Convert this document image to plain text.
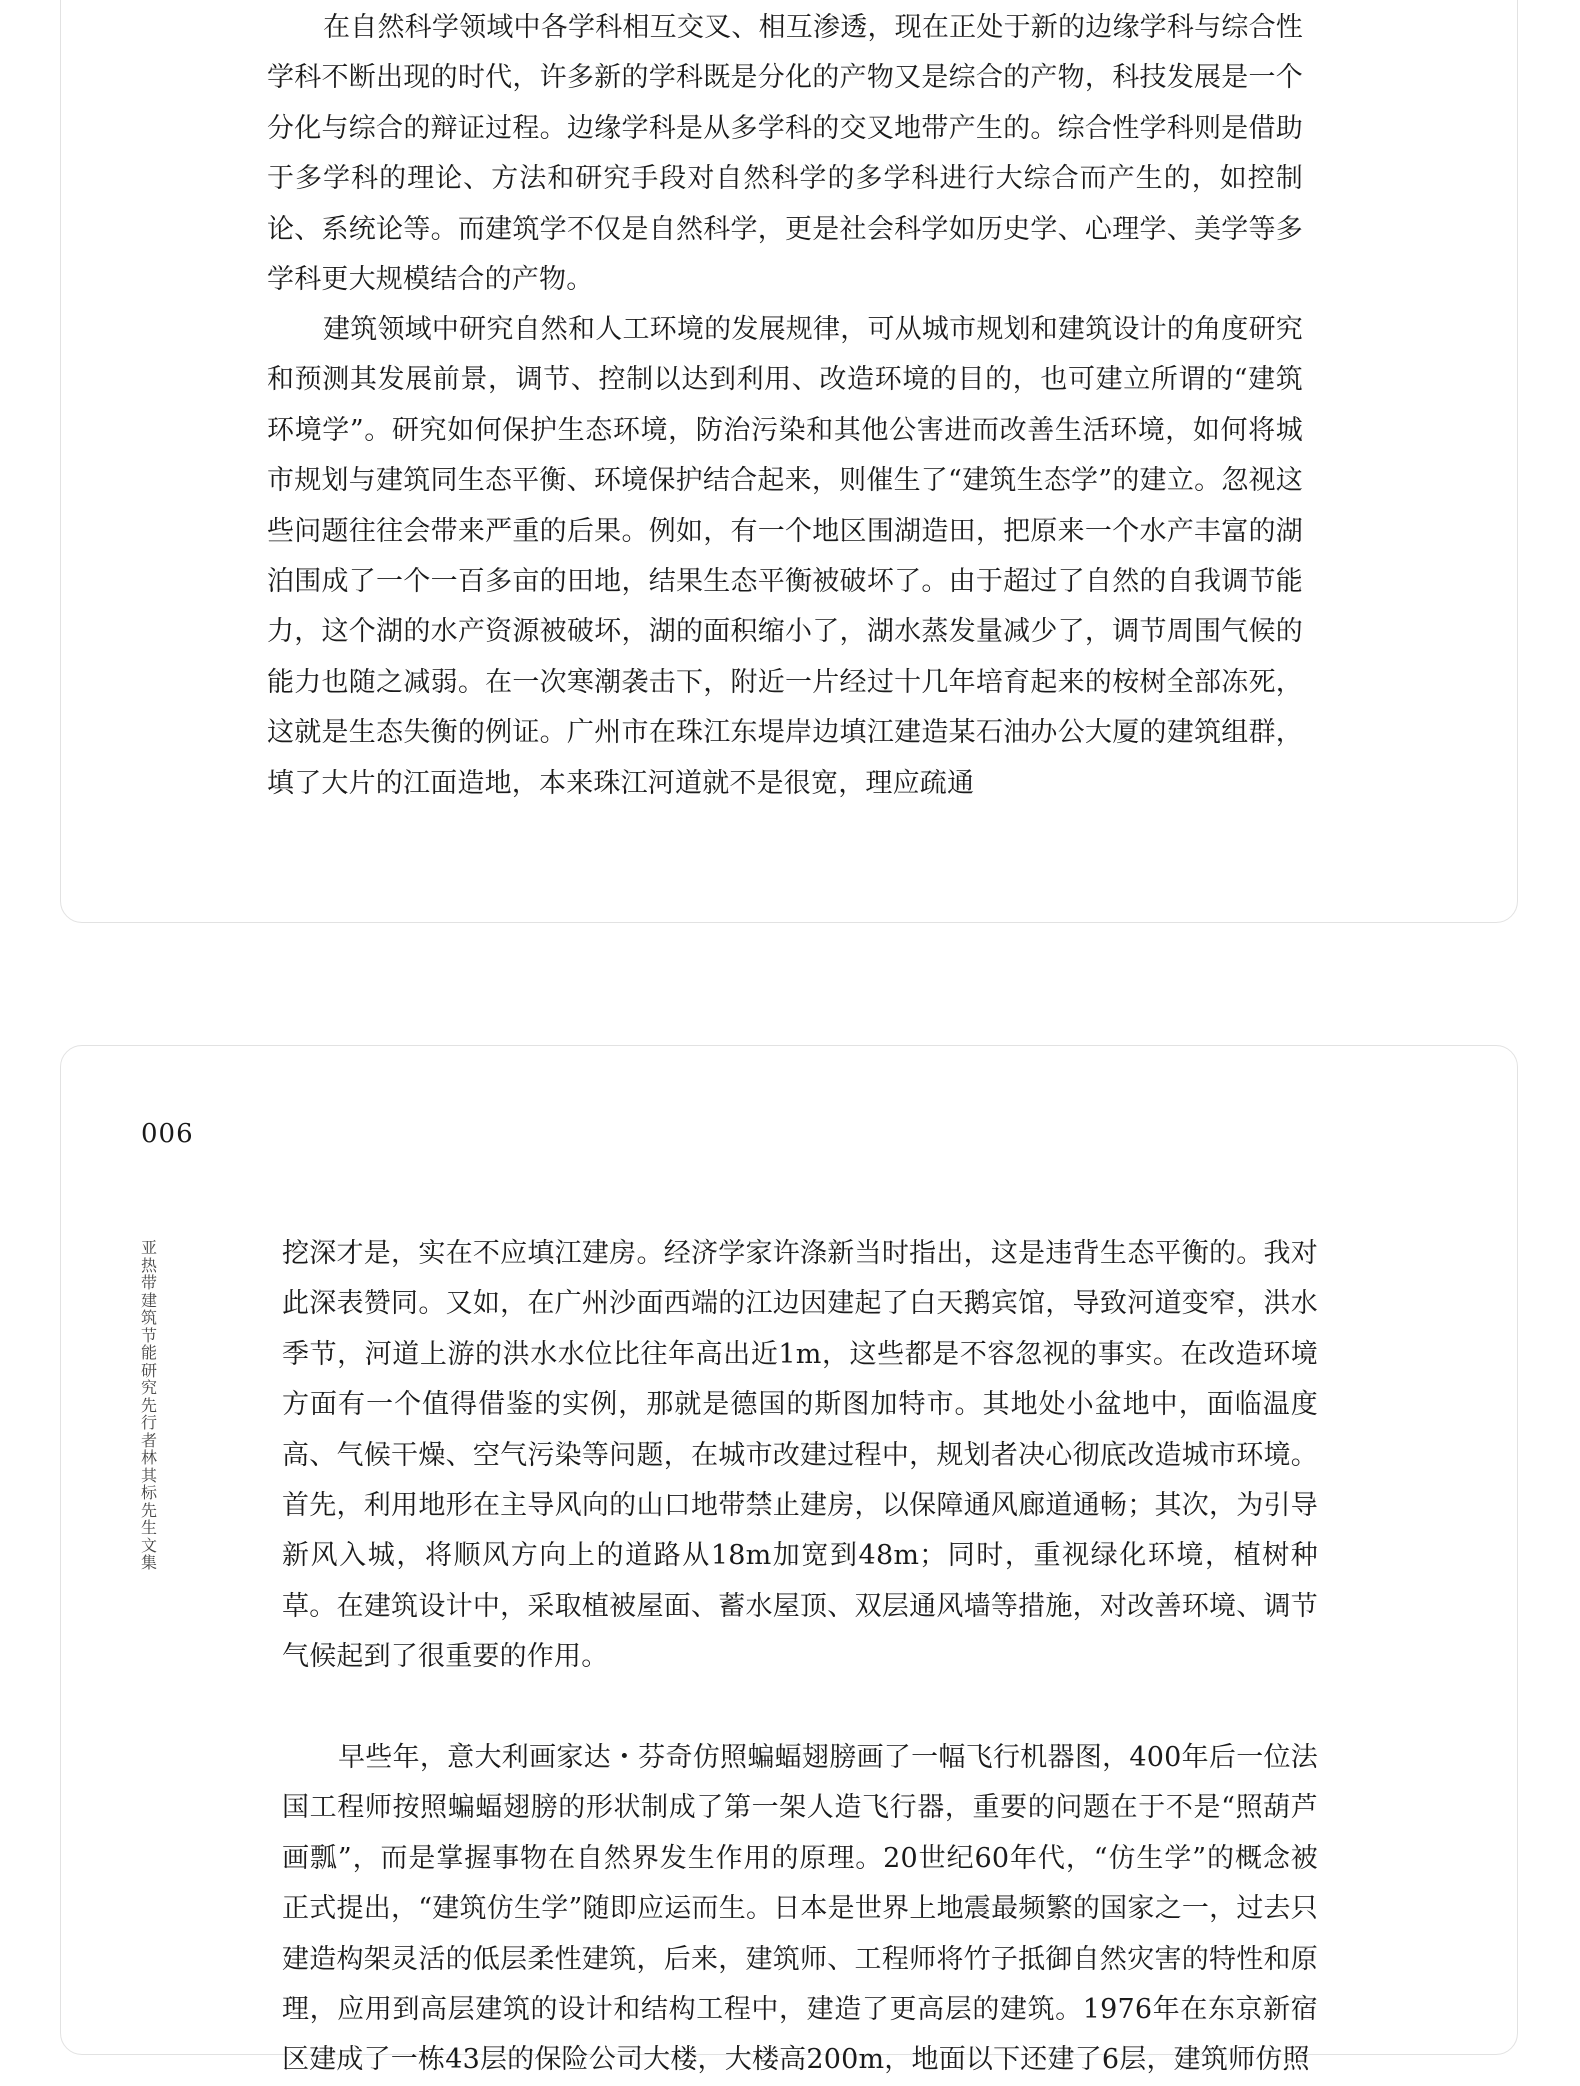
在自然科学领域中各学科相互交叉、相互渗透，现在正处于新的边缘学科与综合性学科不断出现的时代，许多新的学科既是分化的产物又是综合的产物，科技发展是一个分化与综合的辩证过程。边缘学科是从多学科的交叉地带产生的。综合性学科则是借助于多学科的理论、方法和研究手段对自然科学的多学科进行大综合而产生的，如控制论、系统论等。而建筑学不仅是自然科学，更是社会科学如历史学、心理学、美学等多学科更大规模结合的产物。

建筑领域中研究自然和人工环境的发展规律，可从城市规划和建筑设计的角度研究和预测其发展前景，调节、控制以达到利用、改造环境的目的，也可建立所谓的“建筑环境学”。研究如何保护生态环境，防治污染和其他公害进而改善生活环境，如何将城市规划与建筑同生态平衡、环境保护结合起来，则催生了“建筑生态学”的建立。忽视这些问题往往会带来严重的后果。例如，有一个地区围湖造田，把原来一个水产丰富的湖泊围成了一个一百多亩的田地，结果生态平衡被破坏了。由于超过了自然的自我调节能力，这个湖的水产资源被破坏，湖的面积缩小了，湖水蒸发量减少了，调节周围气候的能力也随之减弱。在一次寒潮袭击下，附近一片经过十几年培育起来的桉树全部冻死，这就是生态失衡的例证。广州市在珠江东堤岸边填江建造某石油办公大厦的建筑组群，填了大片的江面造地，本来珠江河道就不是很宽，理应疏通

006
亚热带建筑节能研究先行者　林其标先生文集

挖深才是，实在不应填江建房。经济学家许涤新当时指出，这是违背生态平衡的。我对此深表赞同。又如，在广州沙面西端的江边因建起了白天鹅宾馆，导致河道变窄，洪水季节，河道上游的洪水水位比往年高出近1m，这些都是不容忽视的事实。在改造环境方面有一个值得借鉴的实例，那就是德国的斯图加特市。其地处小盆地中，面临温度高、气候干燥、空气污染等问题，在城市改建过程中，规划者决心彻底改造城市环境。首先，利用地形在主导风向的山口地带禁止建房，以保障通风廊道通畅；其次，为引导新风入城，将顺风方向上的道路从18m加宽到48m；同时，重视绿化环境，植树种草。在建筑设计中，采取植被屋面、蓄水屋顶、双层通风墙等措施，对改善环境、调节气候起到了很重要的作用。

早些年，意大利画家达・芬奇仿照蝙蝠翅膀画了一幅飞行机器图，400年后一位法国工程师按照蝙蝠翅膀的形状制成了第一架人造飞行器，重要的问题在于不是“照葫芦画瓢”，而是掌握事物在自然界发生作用的原理。20世纪60年代，“仿生学”的概念被正式提出，“建筑仿生学”随即应运而生。日本是世界上地震最频繁的国家之一，过去只建造构架灵活的低层柔性建筑，后来，建筑师、工程师将竹子抵御自然灾害的特性和原理，应用到高层建筑的设计和结构工程中，建造了更高层的建筑。1976年在东京新宿区建成了一栋43层的保险公司大楼，大楼高200m，地面以下还建了6层，建筑师仿照
